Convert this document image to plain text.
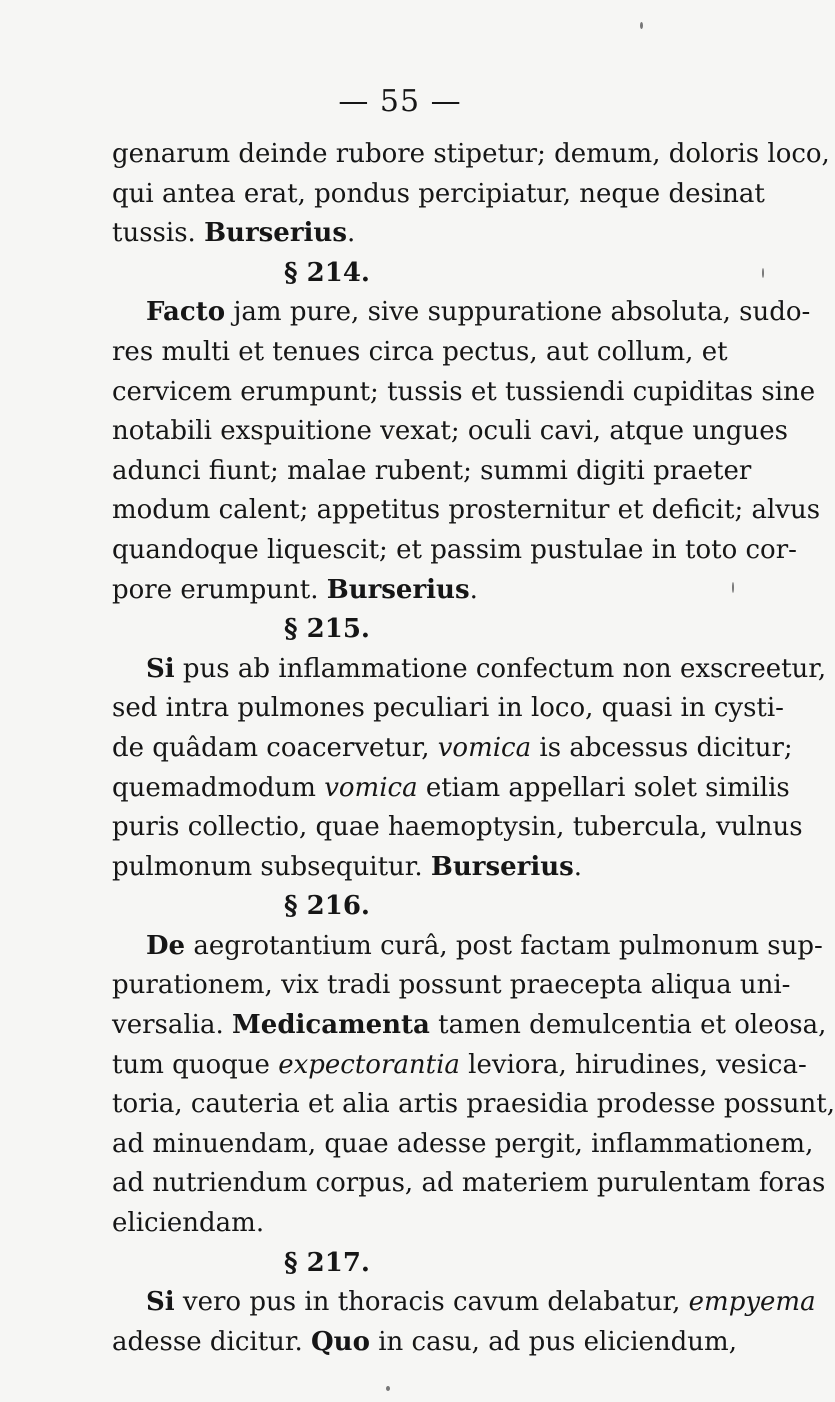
— 55 —
genarum deinde rubore stipetur; demum, doloris loco,
qui antea erat, pondus percipiatur, neque desinat
tussis. Burserius.
§ 214.
Facto jam pure, sive suppuratione absoluta, sudo-
res multi et tenues circa pectus, aut collum, et
cervicem erumpunt; tussis et tussiendi cupiditas sine
notabili exspuitione vexat; oculi cavi, atque ungues
adunci fiunt; malae rubent; summi digiti praeter
modum calent; appetitus prosternitur et deficit; alvus
quandoque liquescit; et passim pustulae in toto cor-
pore erumpunt. Burserius.
§ 215.
Si pus ab inflammatione confectum non exscreetur,
sed intra pulmones peculiari in loco, quasi in cysti-
de quâdam coacervetur, vomica is abcessus dicitur;
quemadmodum vomica etiam appellari solet similis
puris collectio, quae haemoptysin, tubercula, vulnus
pulmonum subsequitur. Burserius.
§ 216.
De aegrotantium curâ, post factam pulmonum sup-
purationem, vix tradi possunt praecepta aliqua uni-
versalia. Medicamenta tamen demulcentia et oleosa,
tum quoque expectorantia leviora, hirudines, vesica-
toria, cauteria et alia artis praesidia prodesse possunt,
ad minuendam, quae adesse pergit, inflammationem,
ad nutriendum corpus, ad materiem purulentam foras
eliciendam.
§ 217.
Si vero pus in thoracis cavum delabatur, empyema
adesse dicitur. Quo in casu, ad pus eliciendum,
